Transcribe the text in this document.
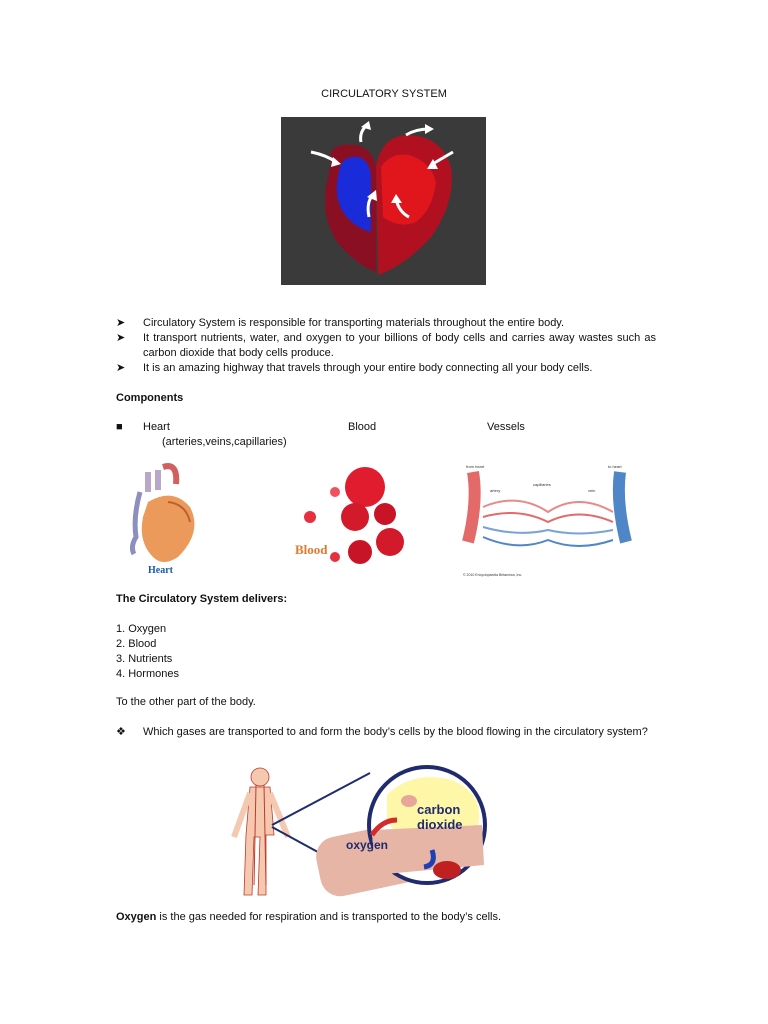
CIRCULATORY SYSTEM
➤ Circulatory System is responsible for transporting materials throughout the entire body.
➤ It transport nutrients, water, and oxygen to your billions of body cells and carries away wastes such as carbon dioxide that body cells produce.
➤ It is an amazing highway that travels through your entire body connecting all your body cells.
Components
■ Heart	Blood	Vessels
(arteries,veins,capillaries)
Heart
Blood
from heart	to heart
artery
capillaries
vein
© 2010 Encyclopaedia Britannica, Inc.
The Circulatory System delivers:
1. Oxygen
2. Blood
3. Nutrients
4. Hormones
To the other part of the body.
❖ Which gases are transported to and form the body’s cells by the blood flowing in the circulatory system?
carbon
dioxide
oxygen
Oxygen is the gas needed for respiration and is transported to the body’s cells.
